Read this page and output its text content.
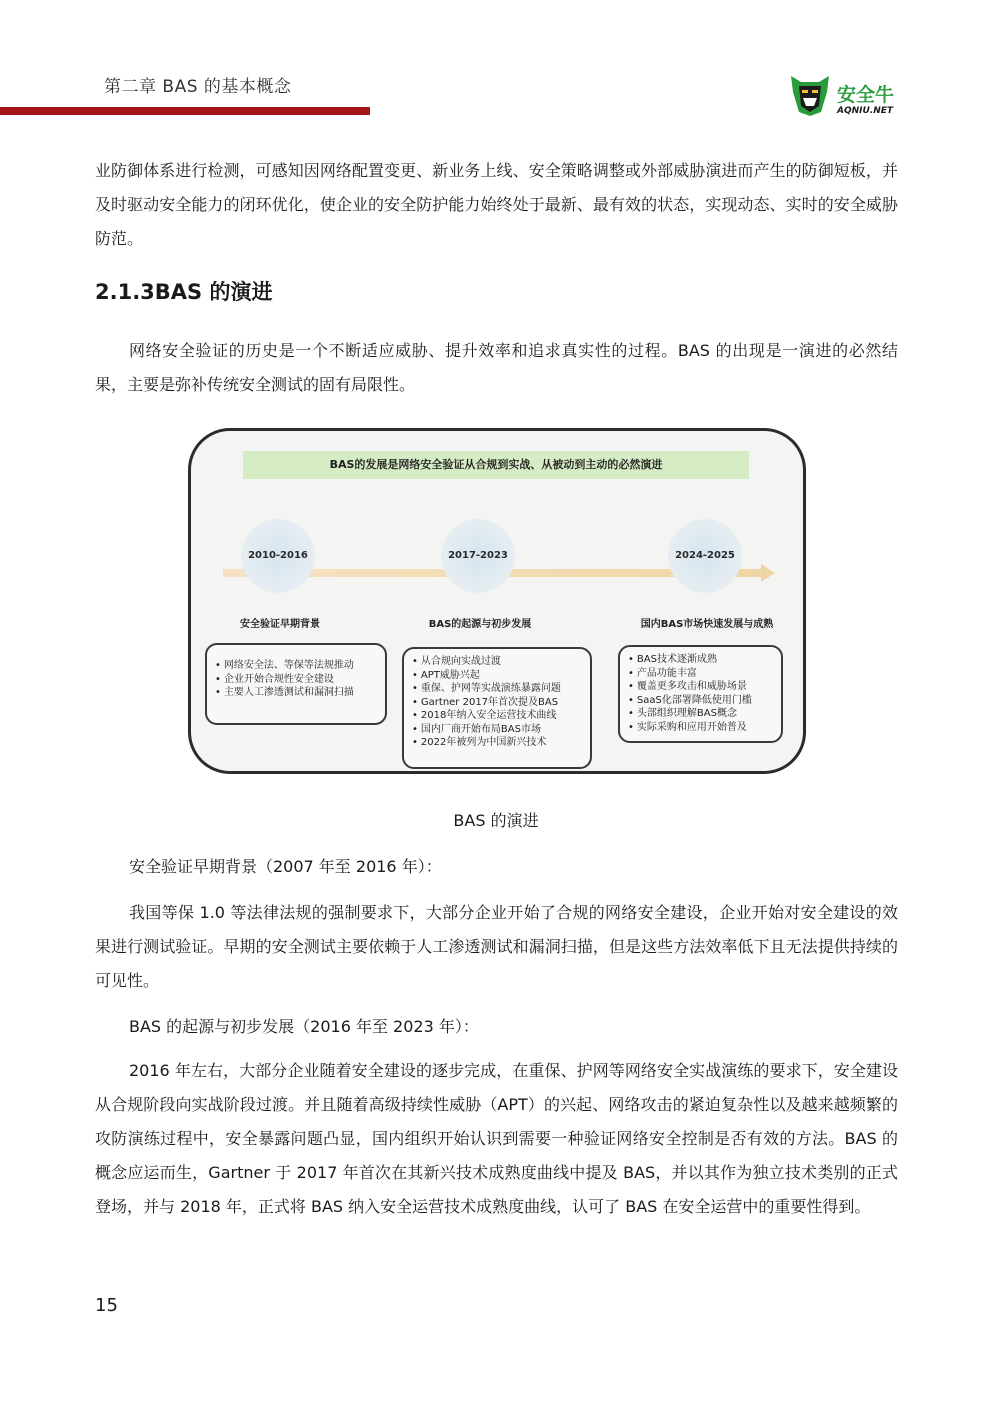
第二章 BAS 的基本概念	安全牛
AQNIU.NET
业防御体系进行检测，可感知因网络配置变更、新业务上线、安全策略调整或外部威胁演进而产生的防御短板，并及时驱动安全能力的闭环优化，使企业的安全防护能力始终处于最新、最有效的状态，实现动态、实时的安全威胁防范。
2.1.3BAS 的演进
网络安全验证的历史是一个不断适应威胁、提升效率和追求真实性的过程。BAS 的出现是一演进的必然结果，主要是弥补传统安全测试的固有局限性。
BAS的发展是网络安全验证从合规到实战、从被动到主动的必然演进
2010-2016	2017-2023	2024-2025
安全验证早期背景	BAS的起源与初步发展	国内BAS市场快速发展与成熟
• 网络安全法、等保等法规推动
• 企业开始合规性安全建设
• 主要人工渗透测试和漏洞扫描
• 从合规向实战过渡
• APT威胁兴起
• 重保、护网等实战演练暴露问题
• Gartner 2017年首次提及BAS
• 2018年纳入安全运营技术曲线
• 国内厂商开始布局BAS市场
• 2022年被列为中国新兴技术
• BAS技术逐渐成熟
• 产品功能丰富
• 覆盖更多攻击和威胁场景
• SaaS化部署降低使用门槛
• 头部组织理解BAS概念
• 实际采购和应用开始普及
BAS 的演进
安全验证早期背景（2007 年至 2016 年）：
我国等保 1.0 等法律法规的强制要求下，大部分企业开始了合规的网络安全建设，企业开始对安全建设的效果进行测试验证。早期的安全测试主要依赖于人工渗透测试和漏洞扫描，但是这些方法效率低下且无法提供持续的可见性。
BAS 的起源与初步发展（2016 年至 2023 年）：
2016 年左右，大部分企业随着安全建设的逐步完成，在重保、护网等网络安全实战演练的要求下，安全建设从合规阶段向实战阶段过渡。并且随着高级持续性威胁（APT）的兴起、网络攻击的紧迫复杂性以及越来越频繁的攻防演练过程中，安全暴露问题凸显，国内组织开始认识到需要一种验证网络安全控制是否有效的方法。BAS 的概念应运而生，Gartner 于 2017 年首次在其新兴技术成熟度曲线中提及 BAS，并以其作为独立技术类别的正式登场，并与 2018 年，正式将 BAS 纳入安全运营技术成熟度曲线，认可了 BAS 在安全运营中的重要性得到。
15
